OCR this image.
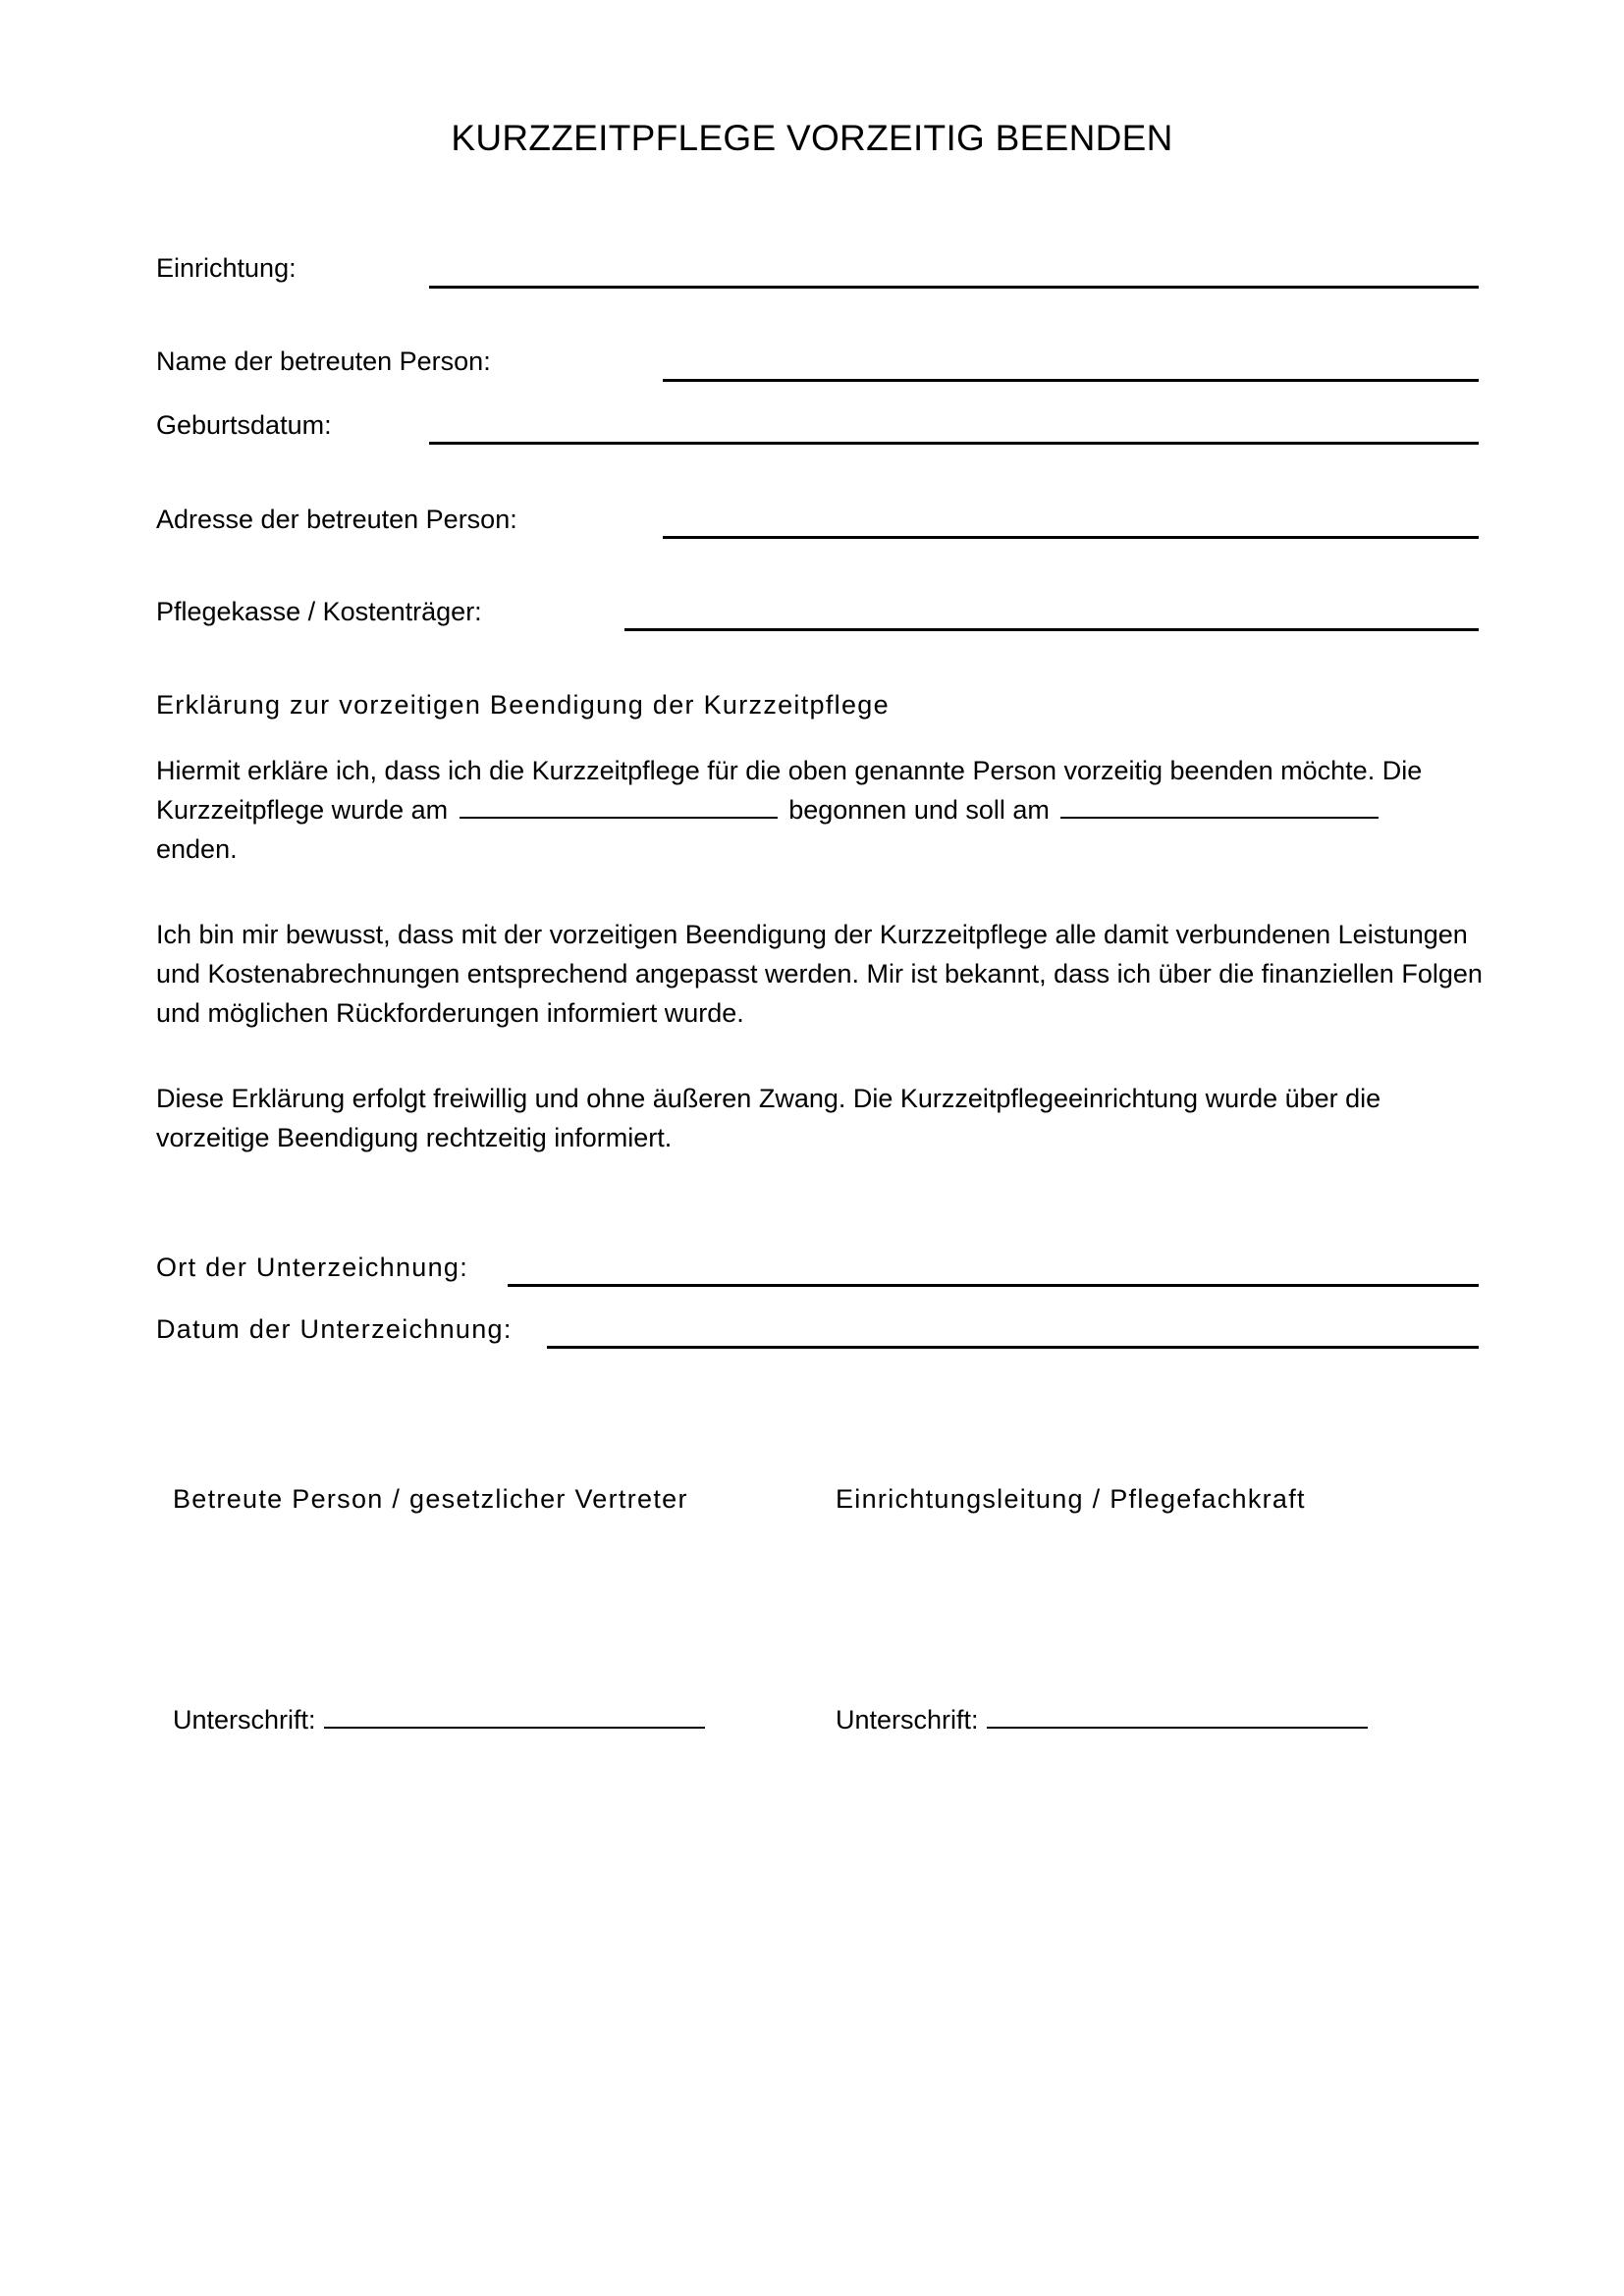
KURZZEITPFLEGE VORZEITIG BEENDEN
Einrichtung:
Name der betreuten Person:
Geburtsdatum:
Adresse der betreuten Person:
Pflegekasse / Kostenträger:
Erklärung zur vorzeitigen Beendigung der Kurzzeitpflege

Hiermit erkläre ich, dass ich die Kurzzeitpflege für die oben genannte Person vorzeitig beenden möchte. Die Kurzzeitpflege wurde am	begonnen und soll am
enden.

Ich bin mir bewusst, dass mit der vorzeitigen Beendigung der Kurzzeitpflege alle damit verbundenen Leistungen und Kostenabrechnungen entsprechend angepasst werden. Mir ist bekannt, dass ich über die finanziellen Folgen und möglichen Rückforderungen informiert wurde.

Diese Erklärung erfolgt freiwillig und ohne äußeren Zwang. Die Kurzzeitpflegeeinrichtung wurde über die vorzeitige Beendigung rechtzeitig informiert.

Ort der Unterzeichnung:
Datum der Unterzeichnung:
Betreute Person / gesetzlicher Vertreter	Einrichtungsleitung / Pflegefachkraft
Unterschrift:	Unterschrift:
